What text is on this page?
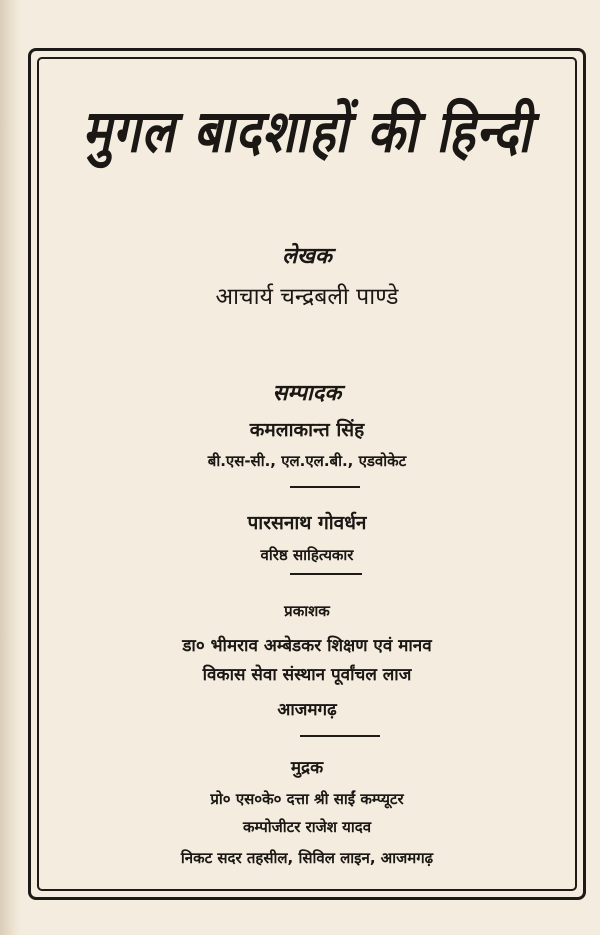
मुगल बादशाहों की हिन्दी
लेखक
आचार्य चन्द्रबली पाण्डे
सम्पादक
कमलाकान्त सिंह
बी.एस-सी., एल.एल.बी., एडवोकेट
पारसनाथ गोवर्धन
वरिष्ठ साहित्यकार
प्रकाशक
डा० भीमराव अम्बेडकर शिक्षण एवं मानव
विकास सेवा संस्थान पूर्वांचल लाज
आजमगढ़
मुद्रक
प्रो० एस०के० दत्ता श्री साईं कम्प्यूटर
कम्पोजीटर राजेश यादव
निकट सदर तहसील, सिविल लाइन, आजमगढ़
